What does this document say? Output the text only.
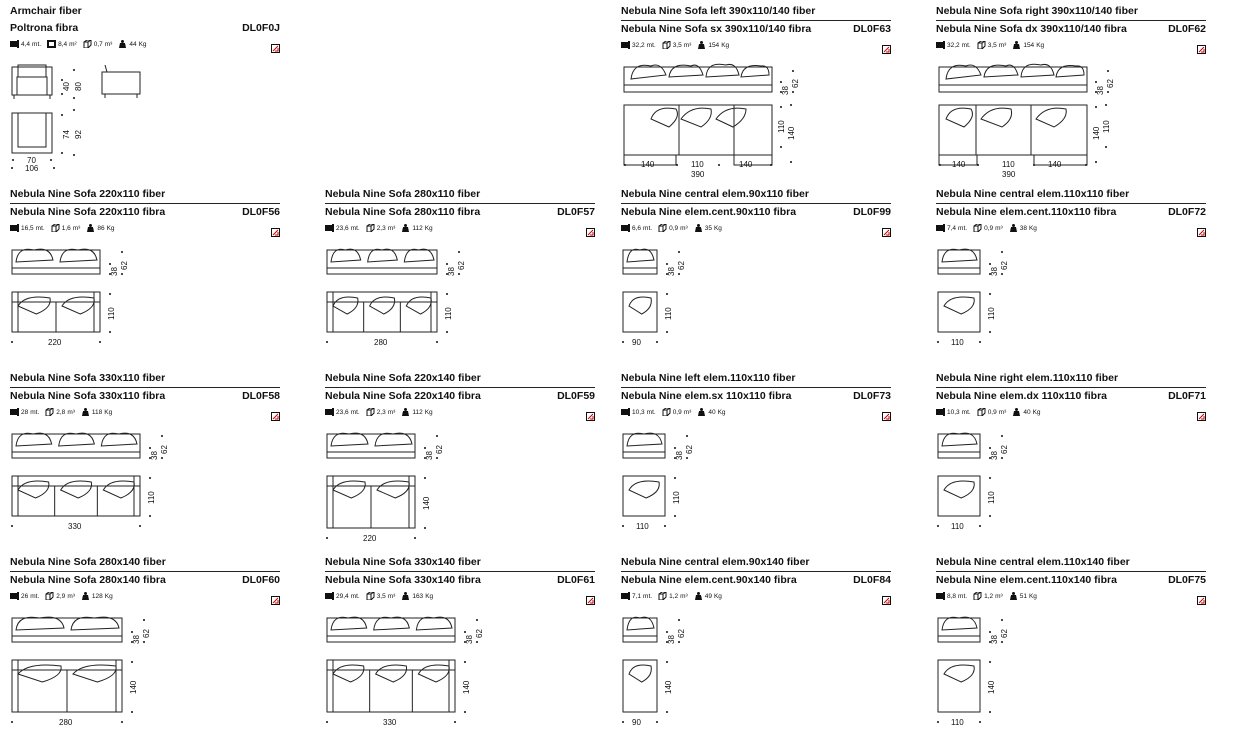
Armchair fiber
Poltrona fibra	DL0F0J
4,4 mt.	8,4 m²	0,7 m³	44 Kg
40 80
74 92
70
106
Nebula Nine Sofa left 390x110/140 fiber
Nebula Nine Sofa sx 390x110/140 fibra	DL0F63
32,2 mt.	3,5 m³	154 Kg
38
62
110
140
140	110	140
390
Nebula Nine Sofa right 390x110/140 fiber
Nebula Nine Sofa dx 390x110/140 fibra	DL0F62
32,2 mt.	3,5 m³	154 Kg
38
62
140
110
140	110	140
390
Nebula Nine Sofa 220x110 fiber
Nebula Nine Sofa 220x110 fibra	DL0F56
16,5 mt.	1,6 m³	86 Kg
38
62
110
220
Nebula Nine Sofa 280x110 fiber
Nebula Nine Sofa 280x110 fibra	DL0F57
23,6 mt.	2,3 m³	112 Kg
38
62
110
280
Nebula Nine central elem.90x110 fiber
Nebula Nine elem.cent.90x110 fibra	DL0F99
6,6 mt.	0,9 m³	35 Kg
38
62
110
90
Nebula Nine central elem.110x110 fiber
Nebula Nine elem.cent.110x110 fibra	DL0F72
7,4 mt.	0,9 m³	38 Kg
38
62
110
110
Nebula Nine Sofa 330x110 fiber
Nebula Nine Sofa 330x110 fibra	DL0F58
28 mt.	2,8 m³	118 Kg
38
62
110
330
Nebula Nine Sofa 220x140 fiber
Nebula Nine Sofa 220x140 fibra	DL0F59
23,6 mt.	2,3 m³	112 Kg
38
62
140
220
Nebula Nine left elem.110x110 fiber
Nebula Nine elem.sx 110x110 fibra	DL0F73
10,3 mt.	0,9 m³	40 Kg
38
62
110
110
Nebula Nine right elem.110x110 fiber
Nebula Nine elem.dx 110x110 fibra	DL0F71
10,3 mt.	0,9 m³	40 Kg
38
62
110
110
Nebula Nine Sofa 280x140 fiber
Nebula Nine Sofa 280x140 fibra	DL0F60
26 mt.	2,9 m³	128 Kg
38
62
140
280
Nebula Nine Sofa 330x140 fiber
Nebula Nine Sofa 330x140 fibra	DL0F61
29,4 mt.	3,5 m³	163 Kg
38
62
140
330
Nebula Nine central elem.90x140 fiber
Nebula Nine elem.cent.90x140 fibra	DL0F84
7,1 mt.	1,2 m³	49 Kg
38
62
140
90
Nebula Nine central elem.110x140 fiber
Nebula Nine elem.cent.110x140 fibra	DL0F75
8,8 mt.	1,2 m³	51 Kg
38
62
140
110
